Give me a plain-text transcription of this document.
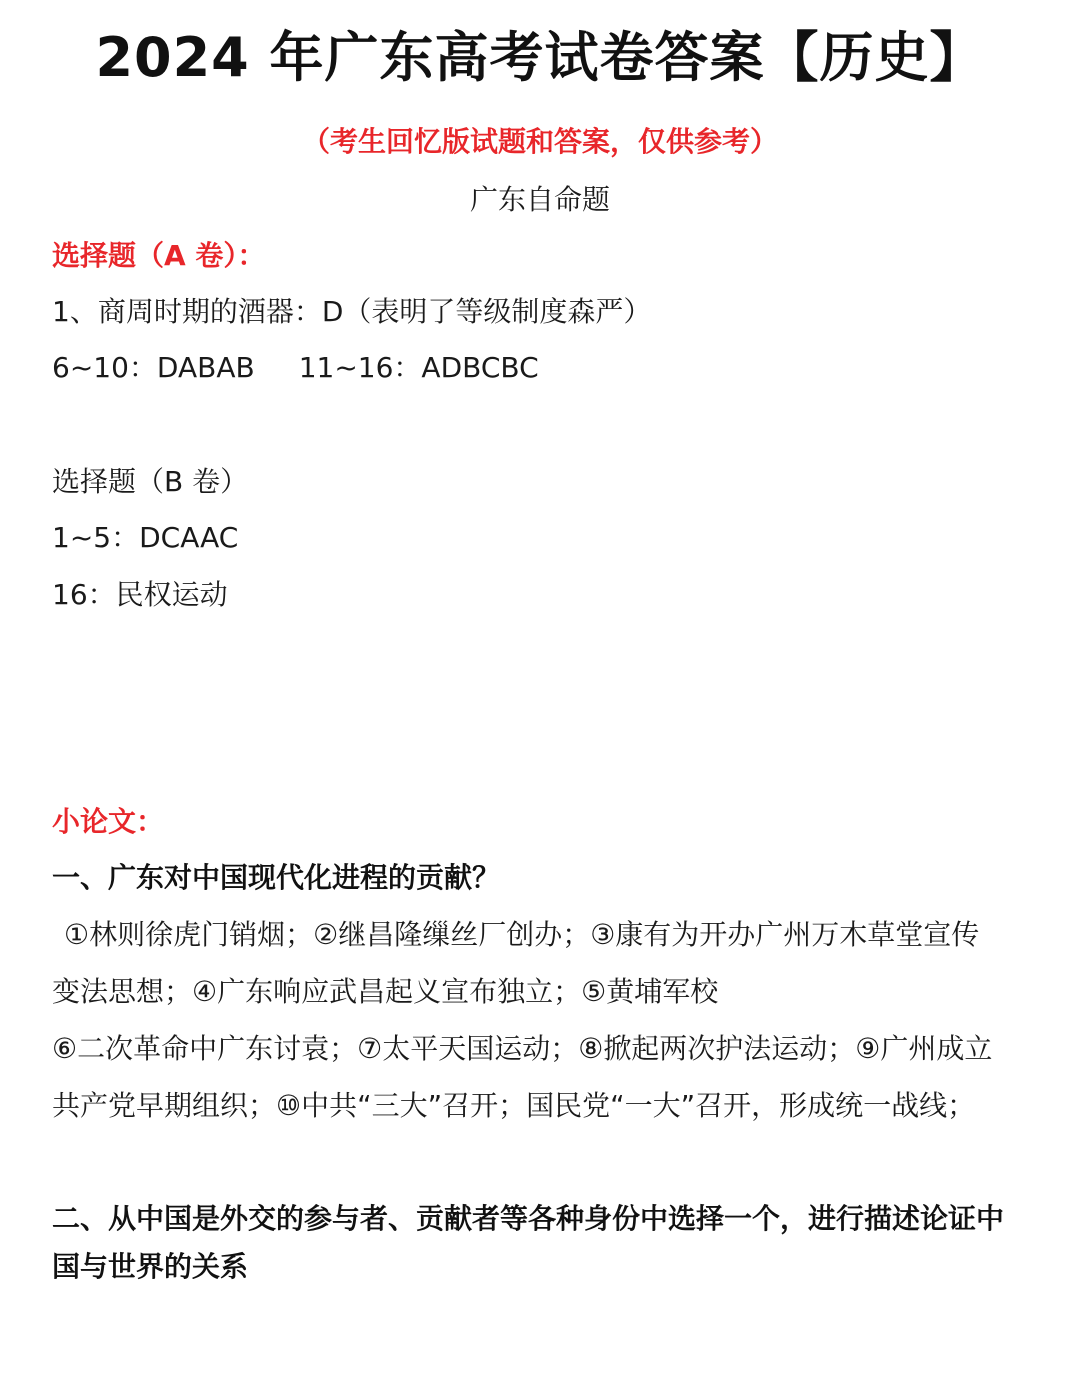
2024 年广东高考试卷答案【历史】
（考生回忆版试题和答案，仅供参考）
广东自命题
选择题（A 卷）：
1、商周时期的酒器：D（表明了等级制度森严）
6~10：DABAB 11~16：ADBCBC
选择题（B 卷）
1~5：DCAAC
16：民权运动
小论文：
一、广东对中国现代化进程的贡献？
①林则徐虎门销烟；②继昌隆缫丝厂创办；③康有为开办广州万木草堂宣传
变法思想；④广东响应武昌起义宣布独立；⑤黄埔军校
⑥二次革命中广东讨袁；⑦太平天国运动；⑧掀起两次护法运动；⑨广州成立
共产党早期组织；⑩中共“三大”召开；国民党“一大”召开，形成统一战线；
二、从中国是外交的参与者、贡献者等各种身份中选择一个，进行描述论证中
国与世界的关系
